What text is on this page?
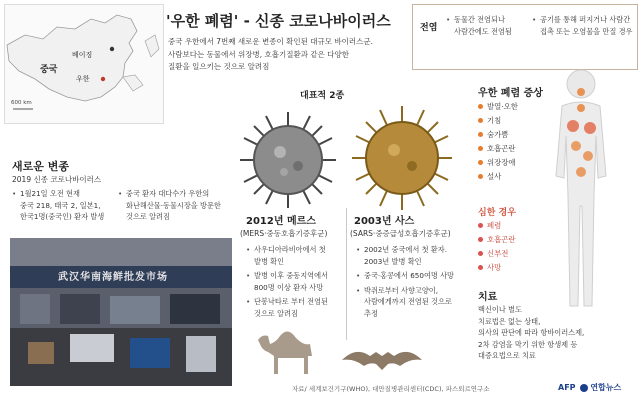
중국
베이징
우한
600 km
'우한 폐렴' - 신종 코로나바이러스
중국 우한에서 7번째 새로운 변종이 확인된 대규모 바이러스군.
사람보다는 동물에서 위장병, 호흡기질환과 같은 다양한
질환을 일으키는 것으로 알려짐
전염
• 동물간 전염되나
사람간에도 전염됨
• 공기를 통해 퍼지거나 사람간
접촉 또는 오염물을 만질 경우
새로운 변종
2019 신종 코로나바이러스
• 1월21일 오전 현재
중국 218, 태국 2, 일본1,
한국1명(중국인) 환자 발생
• 중국 환자 대다수가 우한의
화난해산물·동물시장을 방문한
것으로 알려짐
武汉华南海鲜批发市场
대표적 2종
2012년 메르스
(MERS·중동호흡기증후군)
• 사우디아라비아에서 첫
발병 확인
• 발병 이후 중동지역에서
800명 이상 환자 사망
• 단봉낙타로 부터 전염된
것으로 알려짐
2003년 사스
(SARS·중증급성호흡기증후군)
• 2002년 중국에서 첫 환자.
2003년 발병 확인
• 중국·홍콩에서 650여명 사망
• 박쥐로부터 사향고양이,
사람에게까지 전염된 것으로
추정
우한 폐렴 증상
발열·오한
기침
숨가쁨
호흡곤란
위장장애
설사
심한 경우
폐렴
호흡곤란
신부전
사망
치료
백신이나 별도
치료법은 없는 상태,
의사의 판단에 따라 항바이러스제,
2차 감염을 막기 위한 항생제 등
대증요법으로 치료
자료/ 세계보건기구(WHO), 대만질병관리센터(CDC), 파스퇴르연구소	AFP 연합뉴스
